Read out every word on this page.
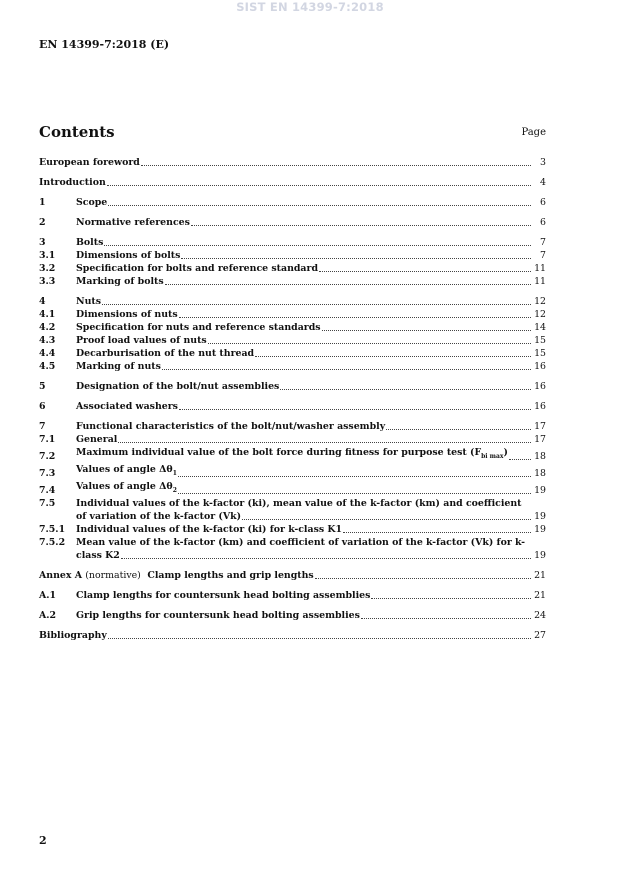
SIST EN 14399-7:2018
EN 14399-7:2018 (E)
Contents	Page
European foreword	3
Introduction	4
1	Scope	6
2	Normative references	6
3	Bolts	7
3.1	Dimensions of bolts	7
3.2	Specification for bolts and reference standard	11
3.3	Marking of bolts	11
4	Nuts	12
4.1	Dimensions of nuts	12
4.2	Specification for nuts and reference standards	14
4.3	Proof load values of nuts	15
4.4	Decarburisation of the nut thread	15
4.5	Marking of nuts	16
5	Designation of the bolt/nut assemblies	16
6	Associated washers	16
7	Functional characteristics of the bolt/nut/washer assembly	17
7.1	General	17
7.2	Maximum individual value of the bolt force during fitness for purpose test $(F_{bi max})$	18
7.3	Values of angle $\Delta\theta_1$	18
7.4	Values of angle $\Delta\theta_2$	19
7.5	Individual values of the k-factor (ki), mean value of the k-factor (km) and coefficient
of variation of the k-factor (Vk)	19
7.5.1	Individual values of the k-factor (ki) for k-class K1	19
7.5.2	Mean value of the k-factor (km) and coefficient of variation of the k-factor (Vk) for k-
class K2	19
Annex A (normative) Clamp lengths and grip lengths	21
A.1	Clamp lengths for countersunk head bolting assemblies	21
A.2	Grip lengths for countersunk head bolting assemblies	24
Bibliography	27
2
